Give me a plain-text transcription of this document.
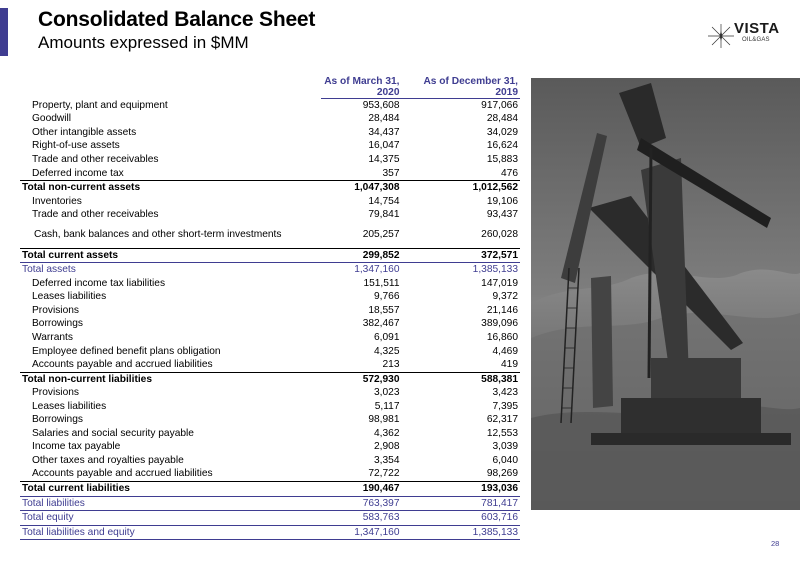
Consolidated Balance Sheet
Amounts expressed in $MM
VISTA
OIL&GAS
	As of March 31, 2020	As of December 31, 2019
Property, plant and equipment	953,608	917,066
Goodwill	28,484	28,484
Other intangible assets	34,437	34,029
Right-of-use assets	16,047	16,624
Trade and other receivables	14,375	15,883
Deferred income tax	357	476
Total non-current assets	1,047,308	1,012,562
Inventories	14,754	19,106
Trade and other receivables	79,841	93,437
Cash, bank balances and other short-term investments	205,257	260,028
Total current assets	299,852	372,571
Total assets	1,347,160	1,385,133
Deferred income tax liabilities	151,511	147,019
Leases liabilities	9,766	9,372
Provisions	18,557	21,146
Borrowings	382,467	389,096
Warrants	6,091	16,860
Employee defined benefit plans obligation	4,325	4,469
Accounts payable and accrued liabilities	213	419
Total non-current liabilities	572,930	588,381
Provisions	3,023	3,423
Leases liabilities	5,117	7,395
Borrowings	98,981	62,317
Salaries and social security payable	4,362	12,553
Income tax payable	2,908	3,039
Other taxes and royalties payable	3,354	6,040
Accounts payable and accrued liabilities	72,722	98,269
Total current liabilities	190,467	193,036
Total liabilities	763,397	781,417
Total equity	583,763	603,716
Total liabilities and equity	1,347,160	1,385,133
28
